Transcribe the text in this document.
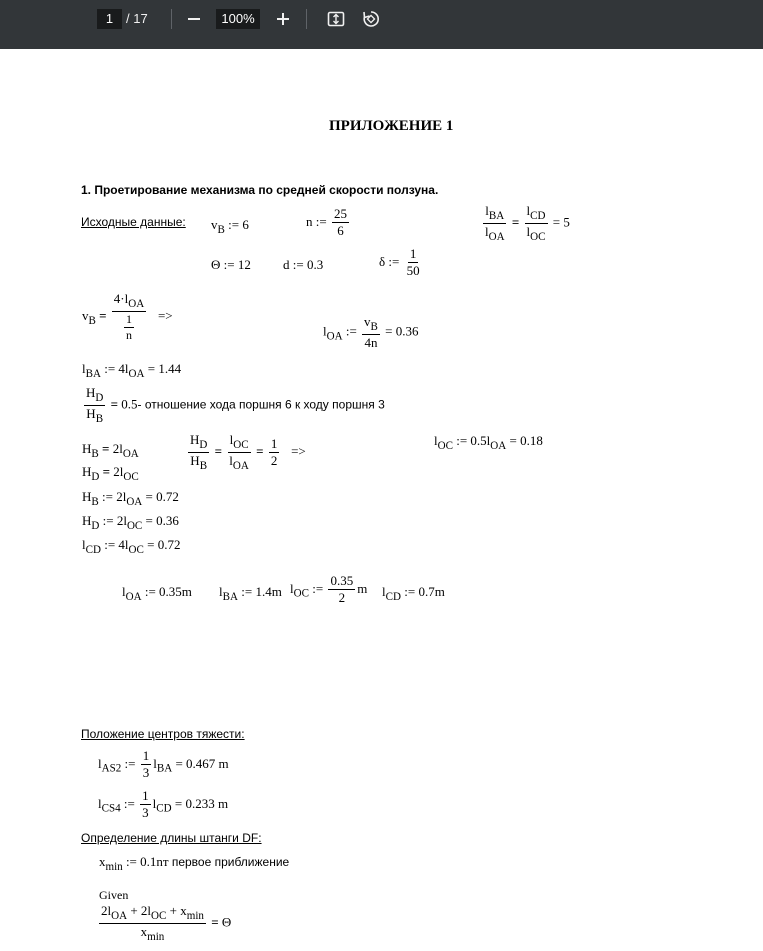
1 / 17	100%
ПРИЛОЖЕНИЕ 1
1. Проетирование механизма по средней скорости ползуна.
Исходные данные: $v_B$ := 6	n := $\frac{25}{6}$	$\frac{l_{BA}}{l_{OA}} = \frac{l_{CD}}{l_{OC}} = 5$
Θ := 12 d := 0.3	δ := $\frac{1}{50}$
$v_B = \frac{4\cdot l_{OA}}{\frac{1}{n}}$ =>
$l_{OA}$ := $\frac{v_B}{4n} = 0.36$
$l_{BA}$ := $4l_{OA} = 1.44$
$\frac{H_D}{H_B} = 0.5-$ отношение хода поршня 6 к ходу поршня 3
$H_B = 2l_{OA}$
$H_D = 2l_{OC}$
$\frac{H_D}{H_B} = \frac{l_{OC}}{l_{OA}} = \frac{1}{2}$ =>
$l_{OC}$ := $0.5l_{OA} = 0.18$
$H_B$ := $2l_{OA} = 0.72$
$H_D$ := $2l_{OC} = 0.36$
$l_{CD}$ := $4l_{OC} = 0.72$
$l_{OA}$ := 0.35m $l_{BA}$ := 1.4m $l_{OC}$ := $\frac{0.35}{2}$ m $l_{CD}$ := 0.7m
Положение центров тяжести:
$l_{AS2}$ := $\frac{1}{3} l_{BA} = 0.467$ m
$l_{CS4}$ := $\frac{1}{3} l_{CD} = 0.233$ m
Определение длины штанги DF:
$x_{min}$ := 0.1nт первое приближение
Given
$\frac{2l_{OA} + 2l_{OC} + x_{min}}{x_{min}} = \Theta$
